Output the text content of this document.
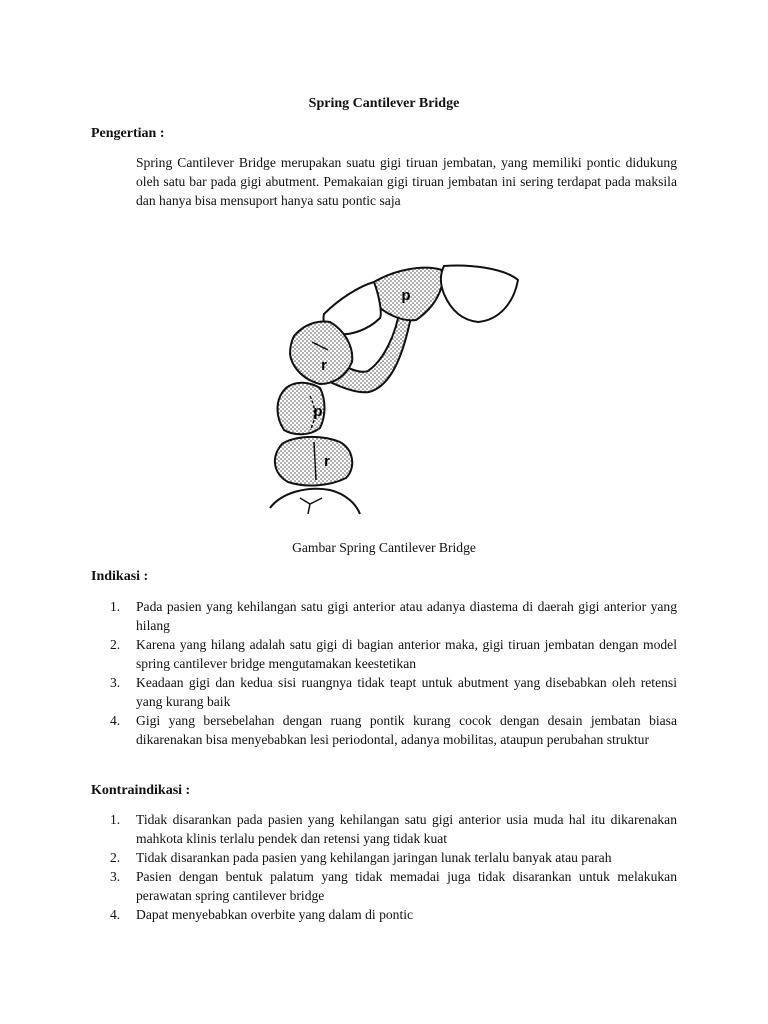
Spring Cantilever Bridge
Pengertian :
Spring Cantilever Bridge merupakan suatu gigi tiruan jembatan, yang memiliki pontic didukung oleh satu bar pada gigi abutment. Pemakaian gigi tiruan jembatan ini sering terdapat pada maksila dan hanya bisa mensuport hanya satu pontic saja
p
r
p
r
Gambar Spring Cantilever Bridge
Indikasi :
1. Pada pasien yang kehilangan satu gigi anterior atau adanya diastema di daerah gigi anterior yang hilang
2. Karena yang hilang adalah satu gigi di bagian anterior maka, gigi tiruan jembatan dengan model spring cantilever bridge mengutamakan keestetikan
3. Keadaan gigi dan kedua sisi ruangnya tidak teapt untuk abutment yang disebabkan oleh retensi yang kurang baik
4. Gigi yang bersebelahan dengan ruang pontik kurang cocok dengan desain jembatan biasa dikarenakan bisa menyebabkan lesi periodontal, adanya mobilitas, ataupun perubahan struktur
Kontraindikasi :
1. Tidak disarankan pada pasien yang kehilangan satu gigi anterior usia muda hal itu dikarenakan mahkota klinis terlalu pendek dan retensi yang tidak kuat
2. Tidak disarankan pada pasien yang kehilangan jaringan lunak terlalu banyak atau parah
3. Pasien dengan bentuk palatum yang tidak memadai juga tidak disarankan untuk melakukan perawatan spring cantilever bridge
4. Dapat menyebabkan overbite yang dalam di pontic
